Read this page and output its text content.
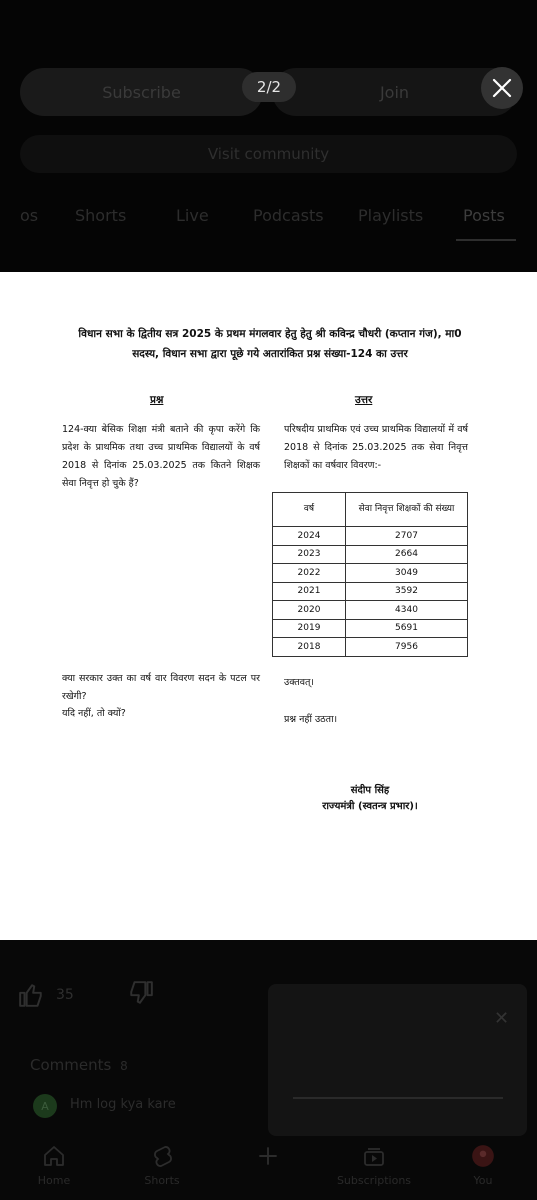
Subscribe	Join
2/2
Visit community
os Shorts	Live	Podcasts Playlists Posts
विधान सभा के द्वितीय सत्र 2025 के प्रथम मंगलवार हेतु हेतु श्री कविन्द्र चौधरी (कप्तान गंज), मा0 सदस्य, विधान सभा द्वारा पूछे गये अतारांकित प्रश्न संख्या-124 का उत्तर
प्रश्न	उत्तर
124-क्या बेसिक शिक्षा मंत्री बताने की कृपा करेंगे कि प्रदेश के प्राथमिक तथा उच्च प्राथमिक विद्यालयों के वर्ष 2018 से दिनांक 25.03.2025 तक कितने शिक्षक सेवा निवृत्त हो चुके हैं?
परिषदीय प्राथमिक एवं उच्च प्राथमिक विद्यालयों में वर्ष 2018 से दिनांक 25.03.2025 तक सेवा निवृत्त शिक्षकों का वर्षवार विवरण:-
वर्ष	सेवा निवृत्त शिक्षकों की संख्या
2024	2707
2023	2664
2022	3049
2021	3592
2020	4340
2019	5691
2018	7956
क्या सरकार उक्त का वर्ष वार विवरण सदन के पटल पर रखेगी?
यदि नहीं, तो क्यों?
उक्तवत्।
प्रश्न नहीं उठता।
संदीप सिंह
राज्यमंत्री (स्वतन्त्र प्रभार)।
35
✕
Comments 8
A Hm log kya kare
Home	Shorts	Subscriptions	You
